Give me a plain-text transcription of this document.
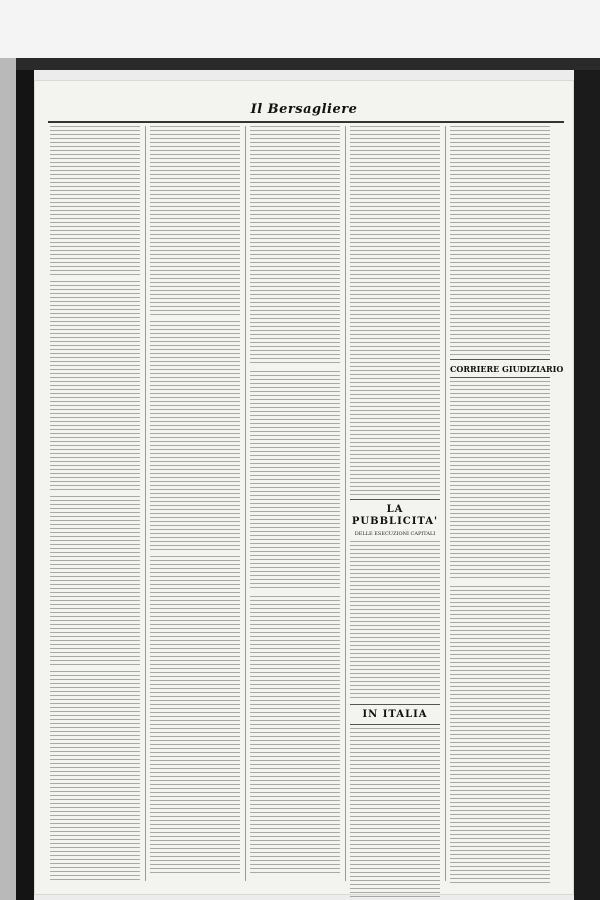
Il Bersagliere
LA PUBBLICITA'
DELLE ESECUZIONI CAPITALI
IN ITALIA
CORRIERE GIUDIZIARIO
